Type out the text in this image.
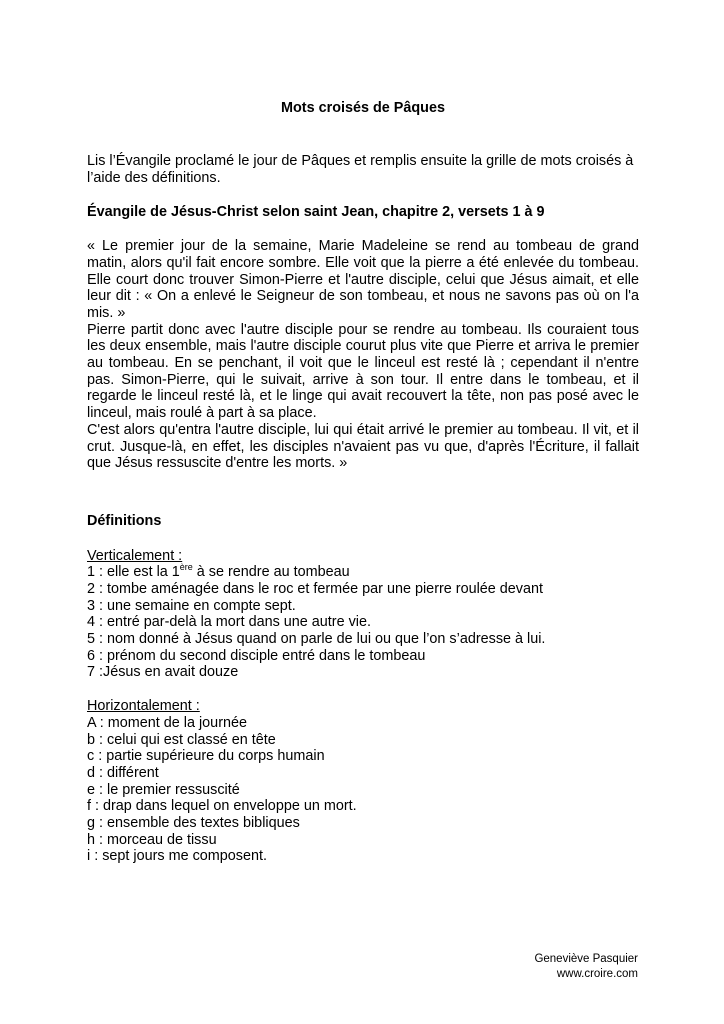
Mots croisés de Pâques
Lis l’Évangile proclamé le jour de Pâques et remplis ensuite la grille de mots croisés à l’aide des définitions.
Évangile de Jésus-Christ selon saint Jean, chapitre 2, versets 1 à 9

« Le premier jour de la semaine, Marie Madeleine se rend au tombeau de grand matin, alors qu'il fait encore sombre. Elle voit que la pierre a été enlevée du tombeau. Elle court donc trouver Simon-Pierre et l'autre disciple, celui que Jésus aimait, et elle leur dit : « On a enlevé le Seigneur de son tombeau, et nous ne savons pas où on l'a mis. »

Pierre partit donc avec l'autre disciple pour se rendre au tombeau. Ils couraient tous les deux ensemble, mais l'autre disciple courut plus vite que Pierre et arriva le premier au tombeau. En se penchant, il voit que le linceul est resté là ; cependant il n'entre pas. Simon-Pierre, qui le suivait, arrive à son tour. Il entre dans le tombeau, et il regarde le linceul resté là, et le linge qui avait recouvert la tête, non pas posé avec le linceul, mais roulé à part à sa place.

C'est alors qu'entra l'autre disciple, lui qui était arrivé le premier au tombeau. Il vit, et il crut. Jusque-là, en effet, les disciples n'avaient pas vu que, d'après l'Écriture, il fallait que Jésus ressuscite d'entre les morts. »

Définitions
Verticalement :
1 : elle est la 1ère à se rendre au tombeau
2 : tombe aménagée dans le roc et fermée par une pierre roulée devant
3 : une semaine en compte sept.
4 : entré par-delà la mort dans une autre vie.
5 : nom donné à Jésus quand on parle de lui ou que l’on s’adresse à lui.
6 : prénom du second disciple entré dans le tombeau
7 :Jésus en avait douze
Horizontalement :
A : moment de la journée
b : celui qui est classé en tête
c : partie supérieure du corps humain
d : différent
e : le premier ressuscité
f : drap dans lequel on enveloppe un mort.
g : ensemble des textes bibliques
h : morceau de tissu
i : sept jours me composent.
Geneviève Pasquier
www.croire.com
